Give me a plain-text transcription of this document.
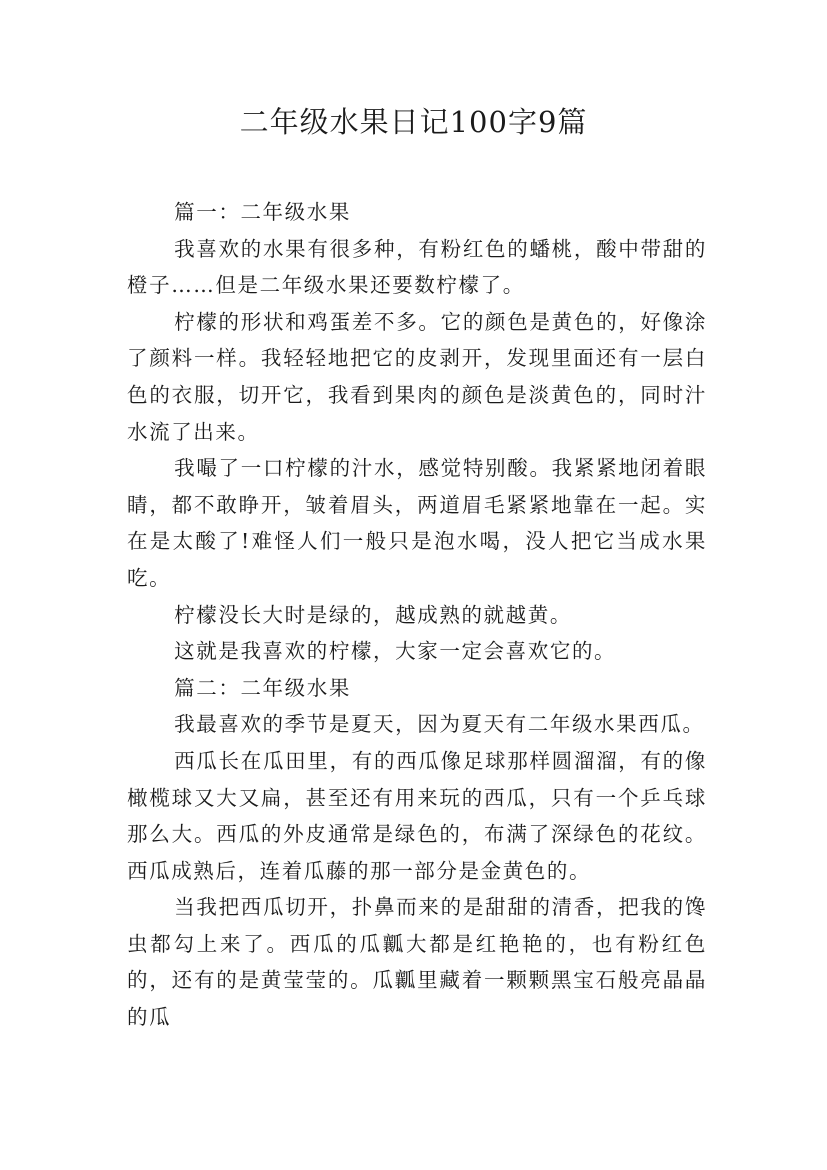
二年级水果日记100字9篇

篇一：二年级水果

我喜欢的水果有很多种，有粉红色的蟠桃，酸中带甜的橙子……但是二年级水果还要数柠檬了。

柠檬的形状和鸡蛋差不多。它的颜色是黄色的，好像涂了颜料一样。我轻轻地把它的皮剥开，发现里面还有一层白色的衣服，切开它，我看到果肉的颜色是淡黄色的，同时汁水流了出来。

我嘬了一口柠檬的汁水，感觉特别酸。我紧紧地闭着眼睛，都不敢睁开，皱着眉头，两道眉毛紧紧地靠在一起。实在是太酸了!难怪人们一般只是泡水喝，没人把它当成水果吃。

柠檬没长大时是绿的，越成熟的就越黄。

这就是我喜欢的柠檬，大家一定会喜欢它的。

篇二：二年级水果

我最喜欢的季节是夏天，因为夏天有二年级水果西瓜。

西瓜长在瓜田里，有的西瓜像足球那样圆溜溜，有的像橄榄球又大又扁，甚至还有用来玩的西瓜，只有一个乒乓球那么大。西瓜的外皮通常是绿色的，布满了深绿色的花纹。西瓜成熟后，连着瓜藤的那一部分是金黄色的。

当我把西瓜切开，扑鼻而来的是甜甜的清香，把我的馋虫都勾上来了。西瓜的瓜瓤大都是红艳艳的，也有粉红色的，还有的是黄莹莹的。瓜瓤里藏着一颗颗黑宝石般亮晶晶的瓜
